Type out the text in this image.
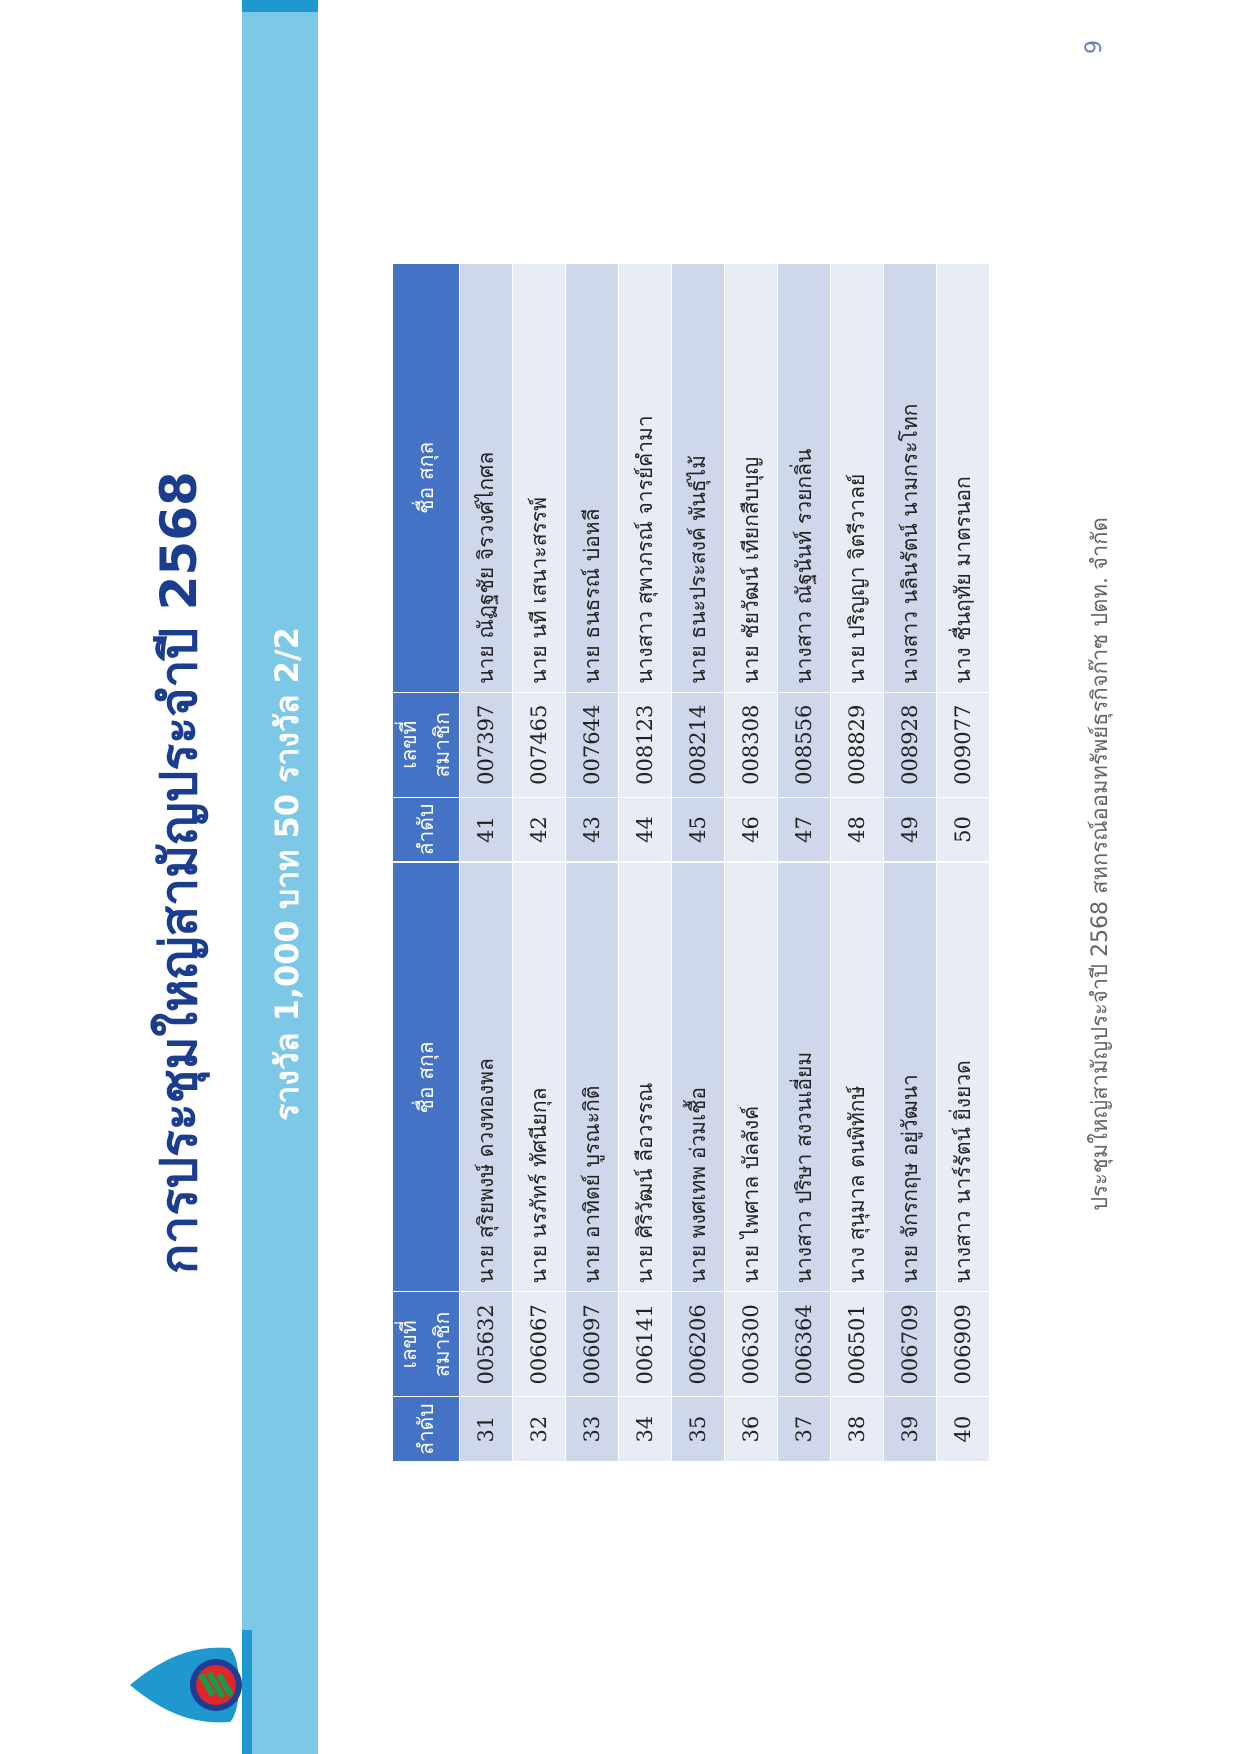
การประชุมใหญ่สามัญประจำปี 2568	รางวัล 1,000 บาท 50 รางวัล 2/2
ลำดับ	เลขที่สมาชิก	ชื่อ สกุล
31	005632	นาย สุริยพงษ์ ดวงทองพล
32	006067	นาย นรภัทร์ ทัศนียกุล
33	006097	นาย อาทิตย์ บูรณะกิติ
34	006141	นาย ศิริวัฒน์ ลือวรรณ
35	006206	นาย พงศเทพ อ่วมเชื้อ
36	006300	นาย ไพศาล บัลลังค์
37	006364	นางสาว ปริษา สงวนเอี่ยม
38	006501	นาง สุนุมาล ตนพิทักษ์
39	006709	นาย จักรกฤษ อยู่วัฒนา
40	006909	นางสาว นาร์รัตน์ ยิ่งยวด
ลำดับ	เลขที่สมาชิก	ชื่อ สกุล
41	007397	นาย ณัฏฐชัย จิรวงศ์ไกศล
42	007465	นาย นที เสนาะสรรพ์
43	007644	นาย ธนธรณ์ บ่อหลี
44	008123	นางสาว สุพาภรณ์ จารย์คำมา
45	008214	นาย ธนะประสงค์ พันธุ์ไม้
46	008308	นาย ชัยวัฒน์ เทียกสืบบุญ
47	008556	นางสาว ณัฐนันท์ รวยกลิ่น
48	008829	นาย ปริญญา จิตรีวาลย์
49	008928	นางสาว นลินรัตน์ นามกระโทก
50	009077	นาง ชื่นฤทัย มาตรนอก	ประชุมใหญ่สามัญประจำปี 2568 สหกรณ์ออมทรัพย์ธุรกิจก๊าซ ปตท. จำกัด
9
